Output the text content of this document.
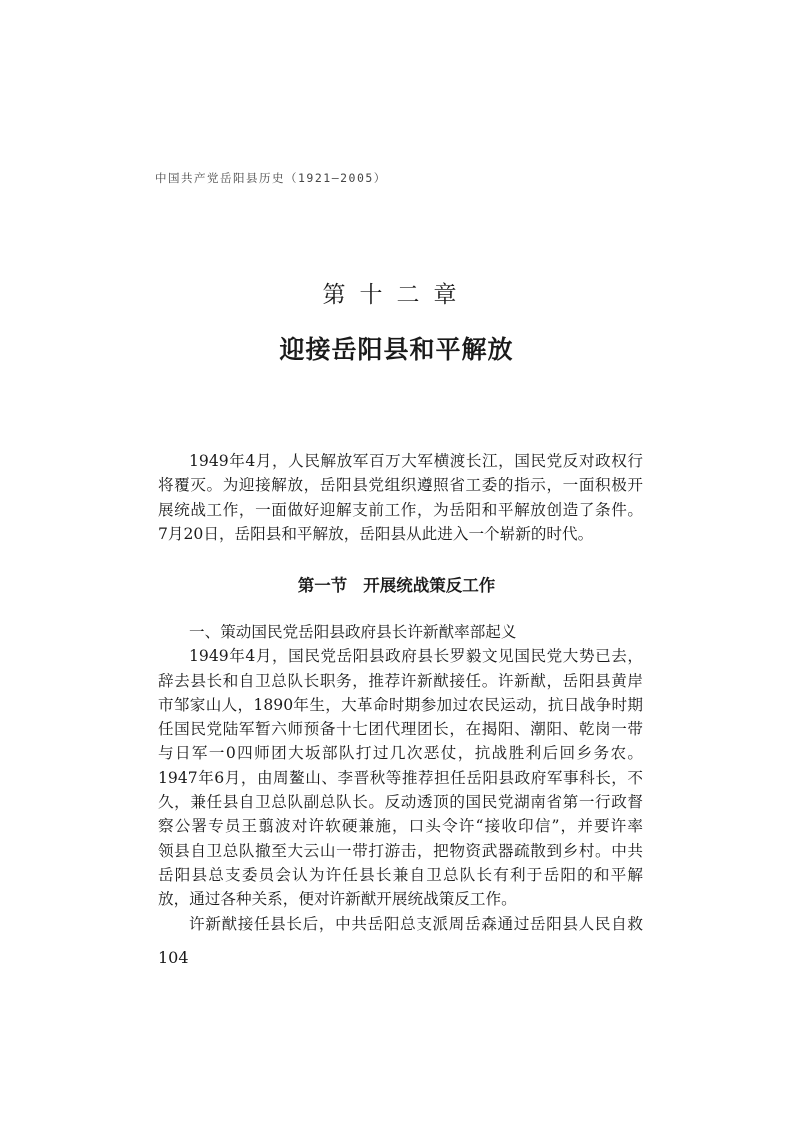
中国共产党岳阳县历史（1921—2005）
第十二章
迎接岳阳县和平解放
1949年4月，人民解放军百万大军横渡长江，国民党反对政权行
将覆灭。为迎接解放，岳阳县党组织遵照省工委的指示，一面积极开
展统战工作，一面做好迎解支前工作，为岳阳和平解放创造了条件。
7月20日，岳阳县和平解放，岳阳县从此进入一个崭新的时代。
第一节 开展统战策反工作
一、策动国民党岳阳县政府县长许新猷率部起义
1949年4月，国民党岳阳县政府县长罗毅文见国民党大势已去，
辞去县长和自卫总队长职务，推荐许新猷接任。许新猷，岳阳县黄岸
市邹家山人，1890年生，大革命时期参加过农民运动，抗日战争时期
任国民党陆军暂六师预备十七团代理团长，在揭阳、潮阳、乾岗一带
与日军一0四师团大坂部队打过几次恶仗，抗战胜利后回乡务农。
1947年6月，由周鳌山、李晋秋等推荐担任岳阳县政府军事科长，不
久，兼任县自卫总队副总队长。反动透顶的国民党湖南省第一行政督
察公署专员王翦波对许软硬兼施，口头令许“接收印信”，并要许率
领县自卫总队撤至大云山一带打游击，把物资武器疏散到乡村。中共
岳阳县总支委员会认为许任县长兼自卫总队长有利于岳阳的和平解
放，通过各种关系，便对许新猷开展统战策反工作。
许新猷接任县长后，中共岳阳总支派周岳森通过岳阳县人民自救
104
